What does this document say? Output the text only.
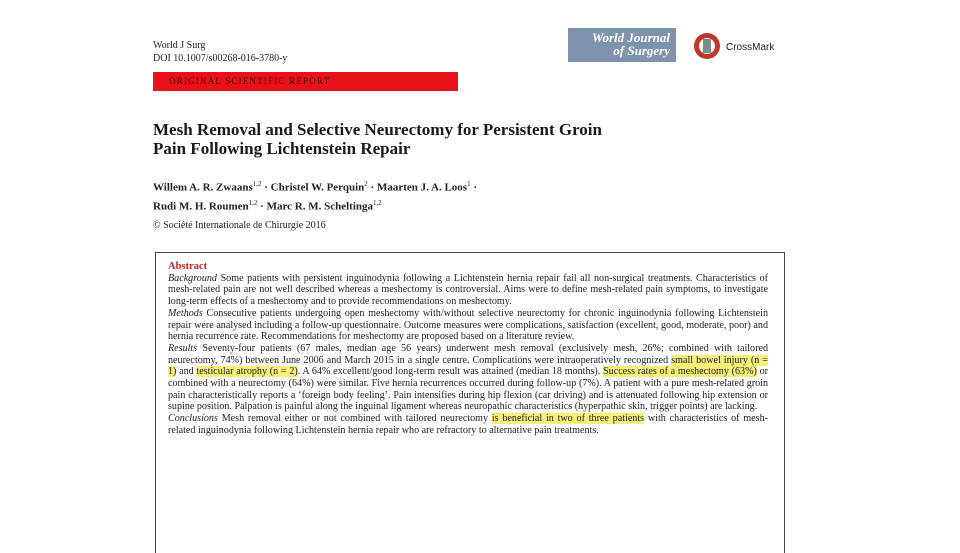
World J Surg
DOI 10.1007/s00268-016-3780-y
World Journal
of Surgery	CrossMark
ORIGINAL SCIENTIFIC REPORT
Mesh Removal and Selective Neurectomy for Persistent Groin
Pain Following Lichtenstein Repair
Willem A. R. Zwaans$^{1,2}$ · Christel W. Perquin$^2$ · Maarten J. A. Loos$^1$ ·
Rudi M. H. Roumen$^{1,2}$ · Marc R. M. Scheltinga$^{1,2}$
© Société Internationale de Chirurgie 2016
Abstract
Background Some patients with persistent inguinodynia following a Lichtenstein hernia repair fail all non-surgical treatments. Characteristics of mesh-related pain are not well described whereas a meshectomy is controversial. Aims were to define mesh-related pain symptoms, to investigate long-term effects of a meshectomy and to provide recommendations on meshectomy.
Methods Consecutive patients undergoing open meshectomy with/without selective neurectomy for chronic inguinodynia following Lichtenstein repair were analysed including a follow-up questionnaire. Outcome measures were complications, satisfaction (excellent, good, moderate, poor) and hernia recurrence rate. Recommendations for meshectomy are proposed based on a literature review.
Results Seventy-four patients (67 males, median age 56 years) underwent mesh removal (exclusively mesh, 26%; combined with tailored neurectomy, 74%) between June 2006 and March 2015 in a single centre. Complications were intraoperatively recognized small bowel injury (n = 1) and testicular atrophy (n = 2). A 64% excellent/good long-term result was attained (median 18 months). Success rates of a meshectomy (63%) or combined with a neurectomy (64%) were similar. Five hernia recurrences occurred during follow-up (7%). A patient with a pure mesh-related groin pain characteristically reports a ‘foreign body feeling’. Pain intensifies during hip flexion (car driving) and is attenuated following hip extension or supine position. Palpation is painful along the inguinal ligament whereas neuropathic characteristics (hyperpathic skin, trigger points) are lacking.
Conclusions Mesh removal either or not combined with tailored neurectomy is beneficial in two of three patients with characteristics of mesh-related inguinodynia following Lichtenstein hernia repair who are refractory to alternative pain treatments.
